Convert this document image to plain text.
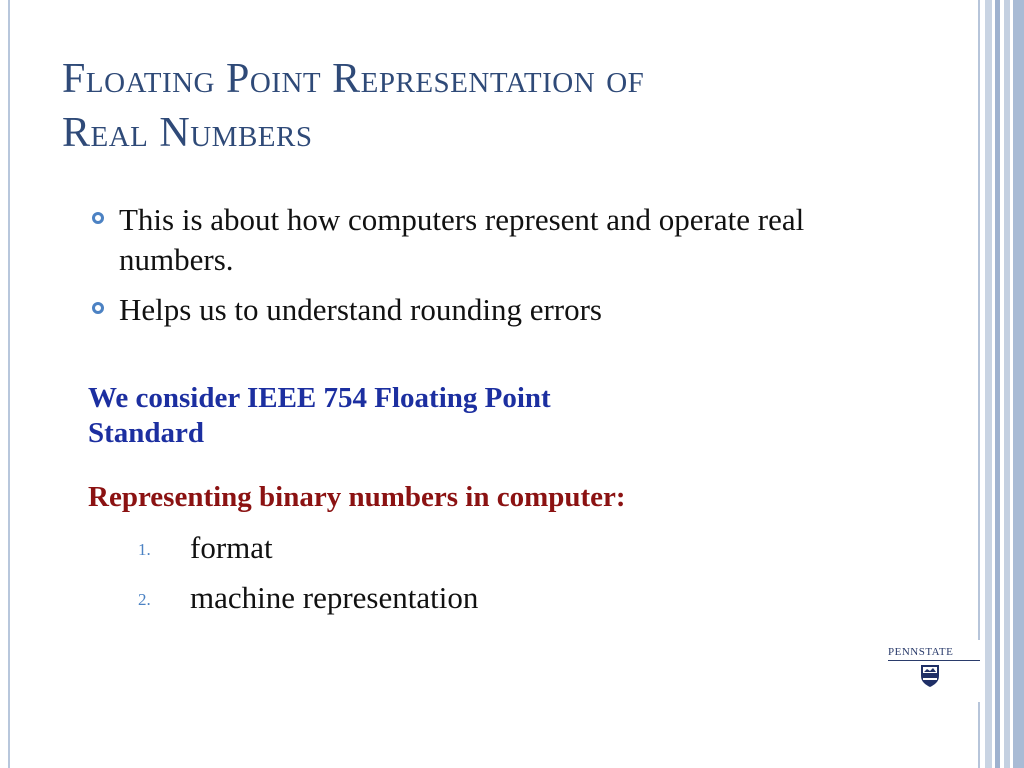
Floating Point Representation of
Real Numbers
This is about how computers represent and operate real numbers.
Helps us to understand rounding errors
We consider IEEE 754 Floating Point
Standard
Representing binary numbers in computer:
1. format
2. machine representation
PENNSTATE
